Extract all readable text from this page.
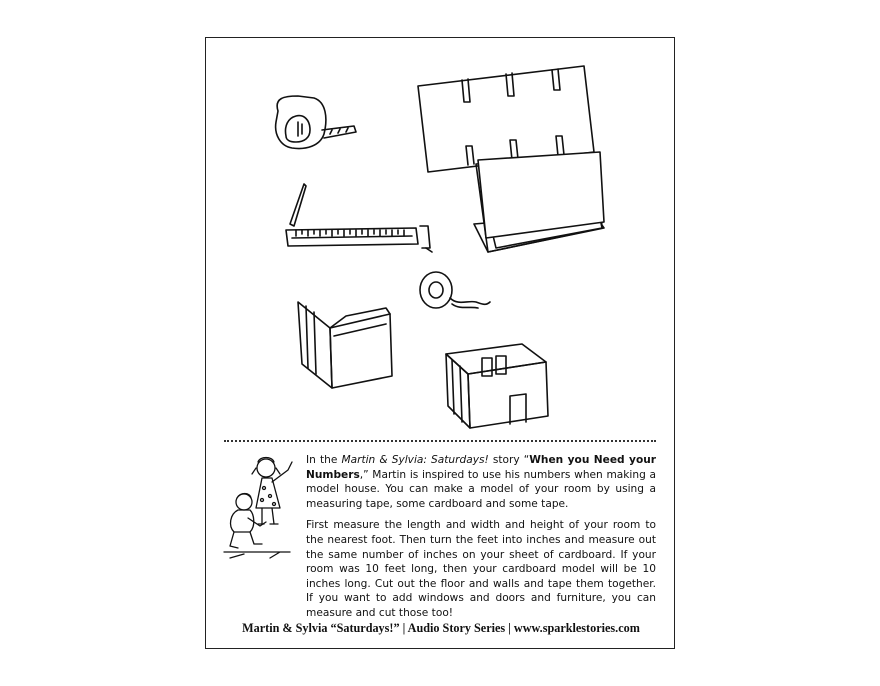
In the Martin & Sylvia: Saturdays! story “When you Need your Numbers,” Martin is inspired to use his numbers when making a model house. You can make a model of your room by using a measuring tape, some cardboard and some tape.

First measure the length and width and height of your room to the nearest foot. Then turn the feet into inches and measure out the same number of inches on your sheet of cardboard. If your room was 10 feet long, then your cardboard model will be 10 inches long. Cut out the floor and walls and tape them together. If you want to add windows and doors and furniture, you can measure and cut those too!

Martin & Sylvia “Saturdays!” | Audio Story Series | www.sparklestories.com
